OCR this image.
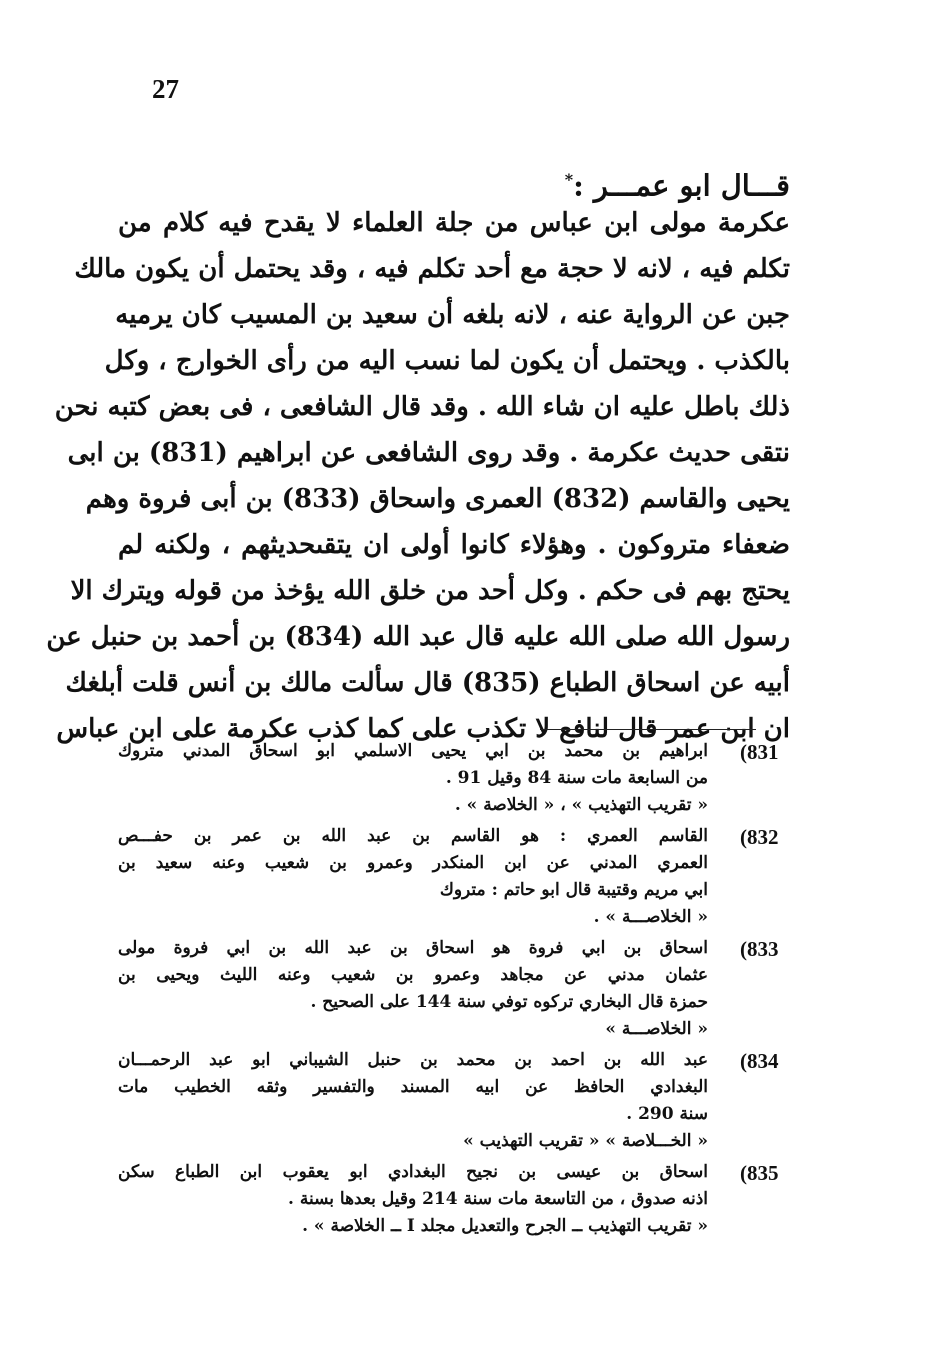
27
قـــال ابو عمـــر :*
عكرمة مولى ابن عباس من جلة العلماء لا يقدح فيه كلام من
تكلم فيه ، لانه لا حجة مع أحد تكلم فيه ، وقد يحتمل أن يكون مالك
جبن عن الرواية عنه ، لانه بلغه أن سعيد بن المسيب كان يرميه
بالكذب . ويحتمل أن يكون لما نسب اليه من رأى الخوارج ، وكل
ذلك باطل عليه ان شاء الله . وقد قال الشافعى ، فى بعض كتبه نحن
نتقى حديث عكرمة . وقد روى الشافعى عن ابراهيم (831) بن ابى
يحيى والقاسم (832) العمرى واسحاق (833) بن أبى فروة وهم
ضعفاء متروكون . وهؤلاء كانوا أولى ان يتقىحديثهم ، ولكنه لم
يحتج بهم فى حكم . وكل أحد من خلق الله يؤخذ من قوله ويترك الا
رسول الله صلى الله عليه قال عبد الله (834) بن أحمد بن حنبل عن
أبيه عن اسحاق الطباع (835) قال سألت مالك بن أنس قلت أبلغك
ان ابن عمر قال لنافع لا تكذب على كما كذب عكرمة على ابن عباس
(831
ابراهيم بن محمد بن ابي يحيى الاسلمي ابو اسحاق المدني متروك
من السابعة مات سنة 84 وقيل 91 .
« تقريب التهذيب » ، « الخلاصة » .
(832
القاسم العمري : هو القاسم بن عبد الله بن عمر بن حفـــص
العمري المدني عن ابن المنكدر وعمرو بن شعيب وعنه سعيد بن
ابي مريم وقتيبة قال ابو حاتم : متروك
« الخلاصـــة » .
(833
اسحاق بن ابي فروة هو اسحاق بن عبد الله بن ابي فروة مولى
عثمان مدني عن مجاهد وعمرو بن شعيب وعنه الليث ويحيى بن
حمزة قال البخاري تركوه توفي سنة 144 على الصحيح .
« الخلاصـــة »
(834
عبد الله بن احمد بن محمد بن حنبل الشيباني ابو عبد الرحمـــان
البغدادي الحافظ عن ابيه المسند والتفسير وثقه الخطيب مات
سنة 290 .
« الخـــلاصة » « تقريب التهذيب »
(835
اسحاق بن عيسى بن نجيح البغدادي ابو يعقوب ابن الطباع سكن
اذنه صدوق ، من التاسعة مات سنة 214 وقيل بعدها بسنة .
« تقريب التهذيب ــ الجرح والتعديل مجلد I ــ الخلاصة » .
